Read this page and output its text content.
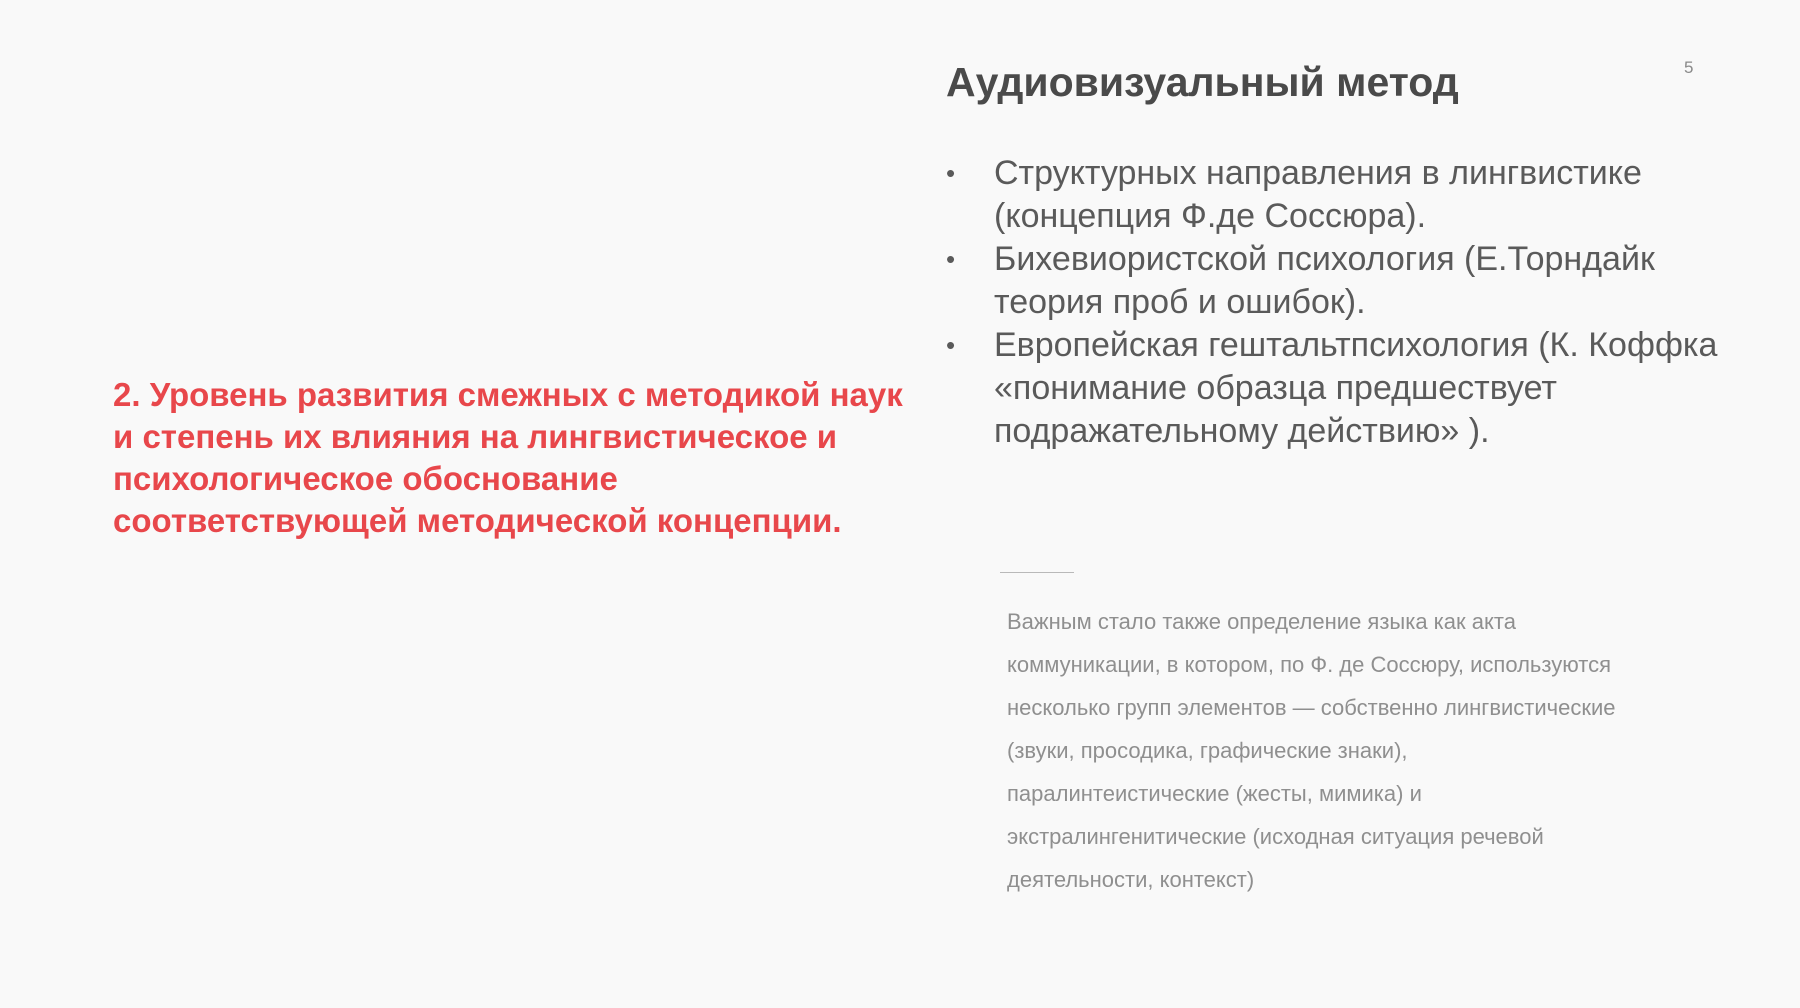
2. Уровень развития смежных с методикой наук и степень их влияния на лингвистическое и психологическое обоснование соответствующей методической концепции.

Аудиовизуальный метод	5
• Структурных направления в лингвистике (концепция Ф.де Соссюра).
• Бихевиористской психология (Е.Торндайк теория проб и ошибок).
• Европейская гештальтпсихология (К. Коффка «понимание образца предшествует подражательному действию» ).

Важным стало также определение языка как акта коммуникации, в котором, по Ф. де Соссюру, используются несколько групп элементов — собственно лингвистические (звуки, просодика, графические знаки), паралинтеистические (жесты, мимика) и экстралингенитические (исходная ситуация речевой деятельности, контекст)
